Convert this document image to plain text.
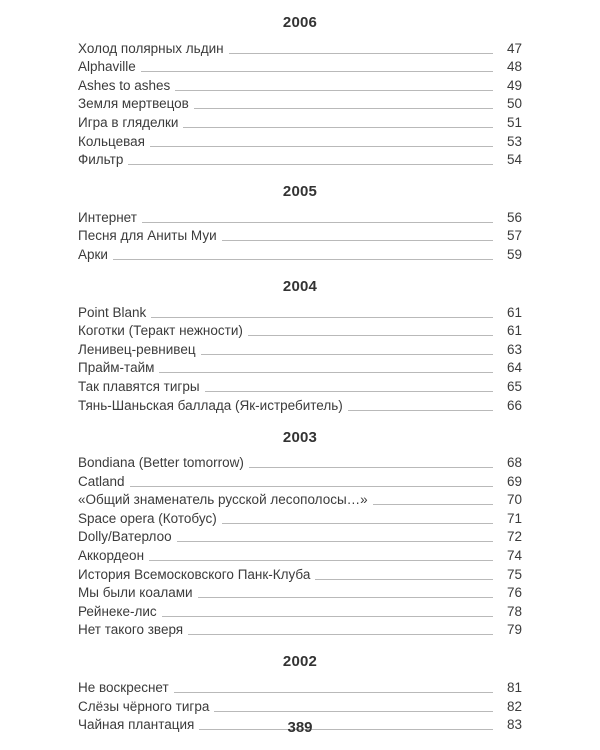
2006
Холод полярных льдин	47
Alphaville	48
Ashes to ashes	49
Земля мертвецов	50
Игра в гляделки	51
Кольцевая	53
Фильтр	54
2005
Интернет	56
Песня для Аниты Муи	57
Арки	59
2004
Point Blank	61
Коготки (Теракт нежности)	61
Ленивец-ревнивец	63
Прайм-тайм	64
Так плавятся тигры	65
Тянь-Шаньская баллада (Як-истребитель)	66
2003
Bondiana (Better tomorrow)	68
Catland	69
«Общий знаменатель русской лесополосы…»	70
Space opera (Котобус)	71
Dolly/Ватерлоо	72
Аккордеон	74
История Всемосковского Панк-Клуба	75
Мы были коалами	76
Рейнеке-лис	78
Нет такого зверя	79
2002
Не воскреснет	81
Слёзы чёрного тигра	82
Чайная плантация	83
389
